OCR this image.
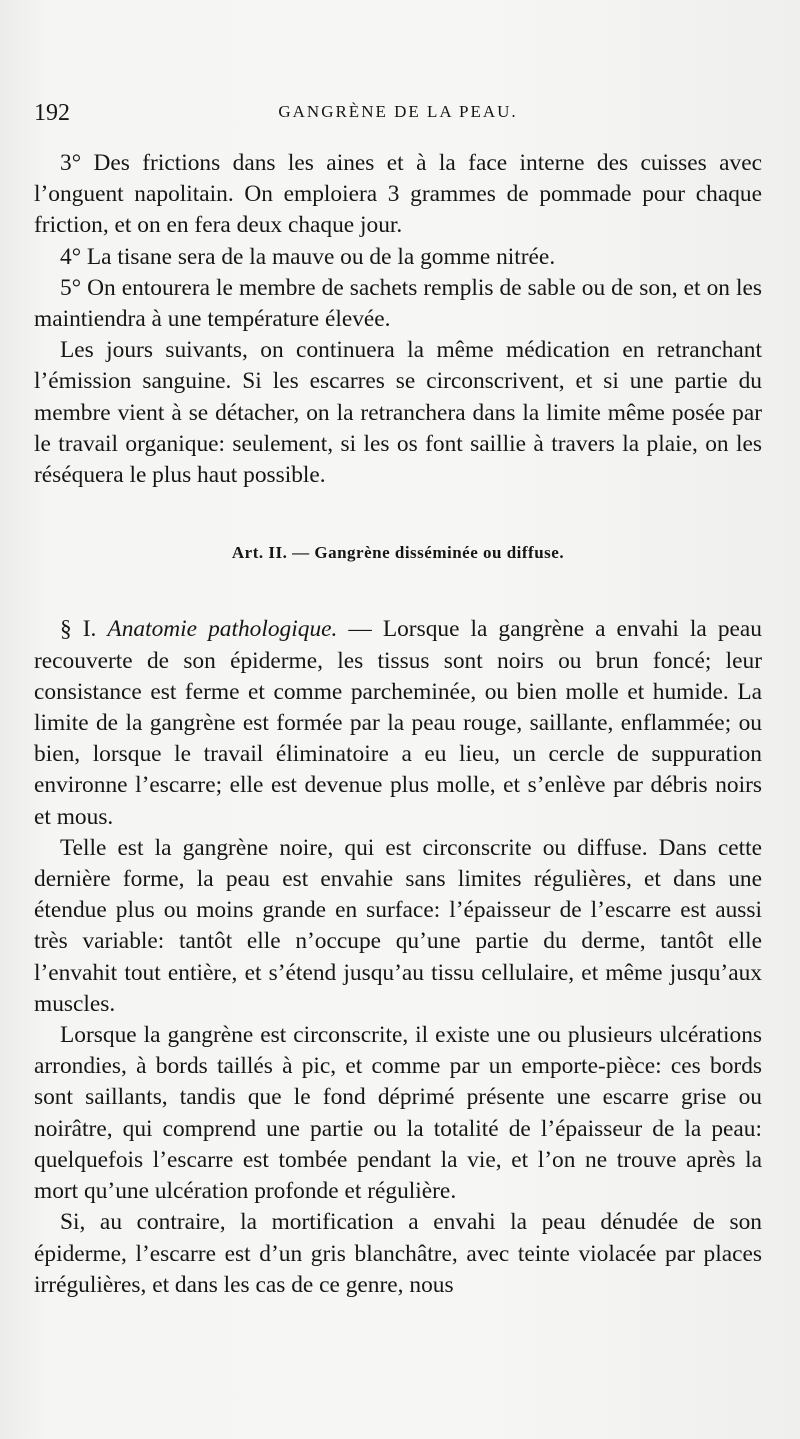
192	GANGRÈNE DE LA PEAU.

3° Des frictions dans les aines et à la face interne des cuisses avec l’onguent napolitain. On emploiera 3 grammes de pommade pour chaque friction, et on en fera deux chaque jour.

4° La tisane sera de la mauve ou de la gomme nitrée.

5° On entourera le membre de sachets remplis de sable ou de son, et on les maintiendra à une température élevée.

Les jours suivants, on continuera la même médication en retranchant l’émission sanguine. Si les escarres se circonscrivent, et si une partie du membre vient à se détacher, on la retranchera dans la limite même posée par le travail organique: seulement, si les os font saillie à travers la plaie, on les réséquera le plus haut possible.

Art. II. — Gangrène disséminée ou diffuse.

§ I. Anatomie pathologique. — Lorsque la gangrène a envahi la peau recouverte de son épiderme, les tissus sont noirs ou brun foncé; leur consistance est ferme et comme parcheminée, ou bien molle et humide. La limite de la gangrène est formée par la peau rouge, saillante, enflammée; ou bien, lorsque le travail éliminatoire a eu lieu, un cercle de suppuration environne l’escarre; elle est devenue plus molle, et s’enlève par débris noirs et mous.

Telle est la gangrène noire, qui est circonscrite ou diffuse. Dans cette dernière forme, la peau est envahie sans limites régulières, et dans une étendue plus ou moins grande en surface: l’épaisseur de l’escarre est aussi très variable: tantôt elle n’occupe qu’une partie du derme, tantôt elle l’envahit tout entière, et s’étend jusqu’au tissu cellulaire, et même jusqu’aux muscles.

Lorsque la gangrène est circonscrite, il existe une ou plusieurs ulcérations arrondies, à bords taillés à pic, et comme par un emporte-pièce: ces bords sont saillants, tandis que le fond déprimé présente une escarre grise ou noirâtre, qui comprend une partie ou la totalité de l’épaisseur de la peau: quelquefois l’escarre est tombée pendant la vie, et l’on ne trouve après la mort qu’une ulcération profonde et régulière.

Si, au contraire, la mortification a envahi la peau dénudée de son épiderme, l’escarre est d’un gris blanchâtre, avec teinte violacée par places irrégulières, et dans les cas de ce genre, nous
